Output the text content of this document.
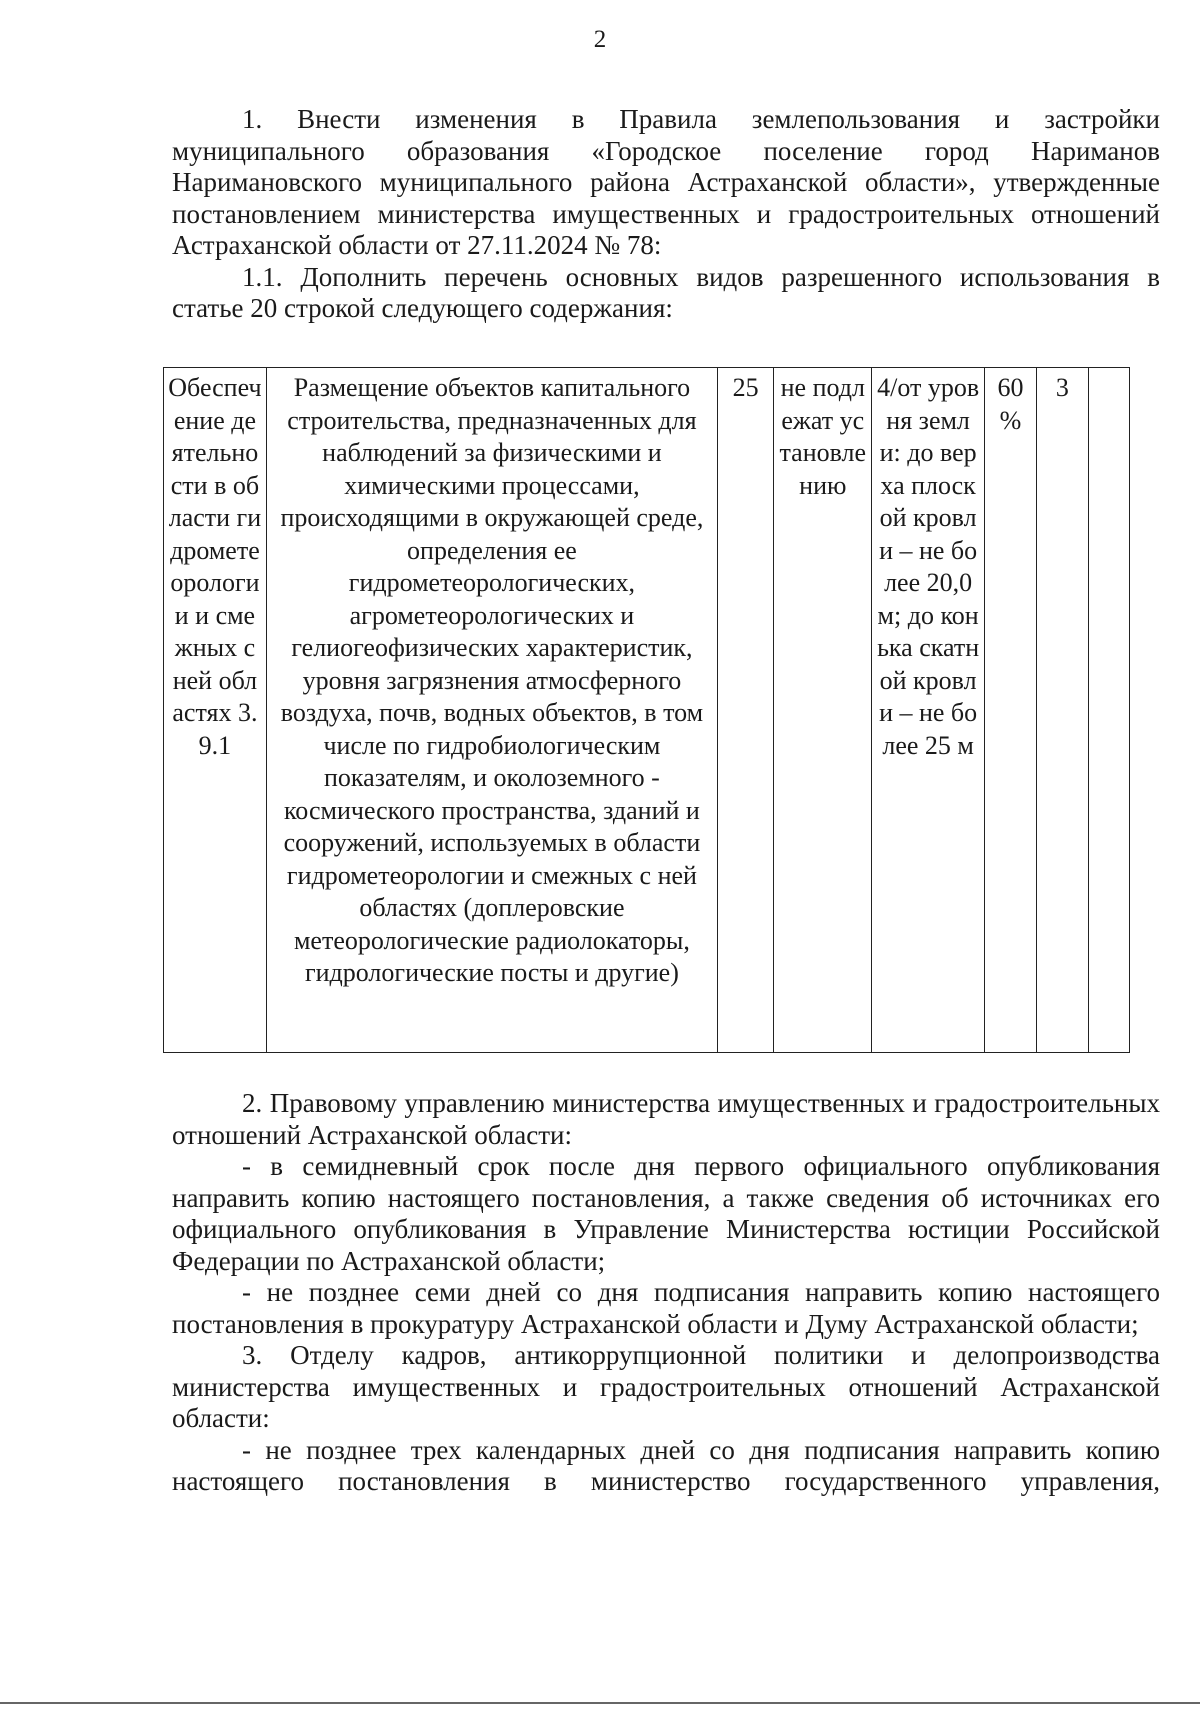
2

1. Внести изменения в Правила землепользования и застройки муниципального образования «Городское поселение город Нариманов Наримановского муниципального района Астраханской области», утвержденные постановлением министерства имущественных и градостроительных отношений Астраханской области от 27.11.2024 № 78:

1.1. Дополнить перечень основных видов разрешенного использования в статье 20 строкой следующего содержания:

Обеспечение деятельности в области гидрометеорологии и смежных с ней областях 3.9.1	Размещение объектов капитального строительства, предназначенных для наблюдений за физическими и химическими процессами, происходящими в окружающей среде, определения ее гидрометеорологических, агрометеорологических и гелиогеофизических характеристик, уровня загрязнения атмосферного воздуха, почв, водных объектов, в том числе по гидробиологическим показателям, и околоземного - космического пространства, зданий и сооружений, используемых в области гидрометеорологии и смежных с ней областях (доплеровские метеорологические радиолокаторы, гидрологические посты и другие)	25	не подлежат установлению	4/от уровня земли: до верха плоской кровли – не более 20,0 м; до конька скатной кровли – не более 25 м	60 %	3	

2. Правовому управлению министерства имущественных и градостроительных отношений Астраханской области:

- в семидневный срок после дня первого официального опубликования направить копию настоящего постановления, а также сведения об источниках его официального опубликования в Управление Министерства юстиции Российской Федерации по Астраханской области;

- не позднее семи дней со дня подписания направить копию настоящего постановления в прокуратуру Астраханской области и Думу Астраханской области;

3. Отделу кадров, антикоррупционной политики и делопроизводства министерства имущественных и градостроительных отношений Астраханской области:

- не позднее трех календарных дней со дня подписания направить копию настоящего постановления в министерство государственного управления,
